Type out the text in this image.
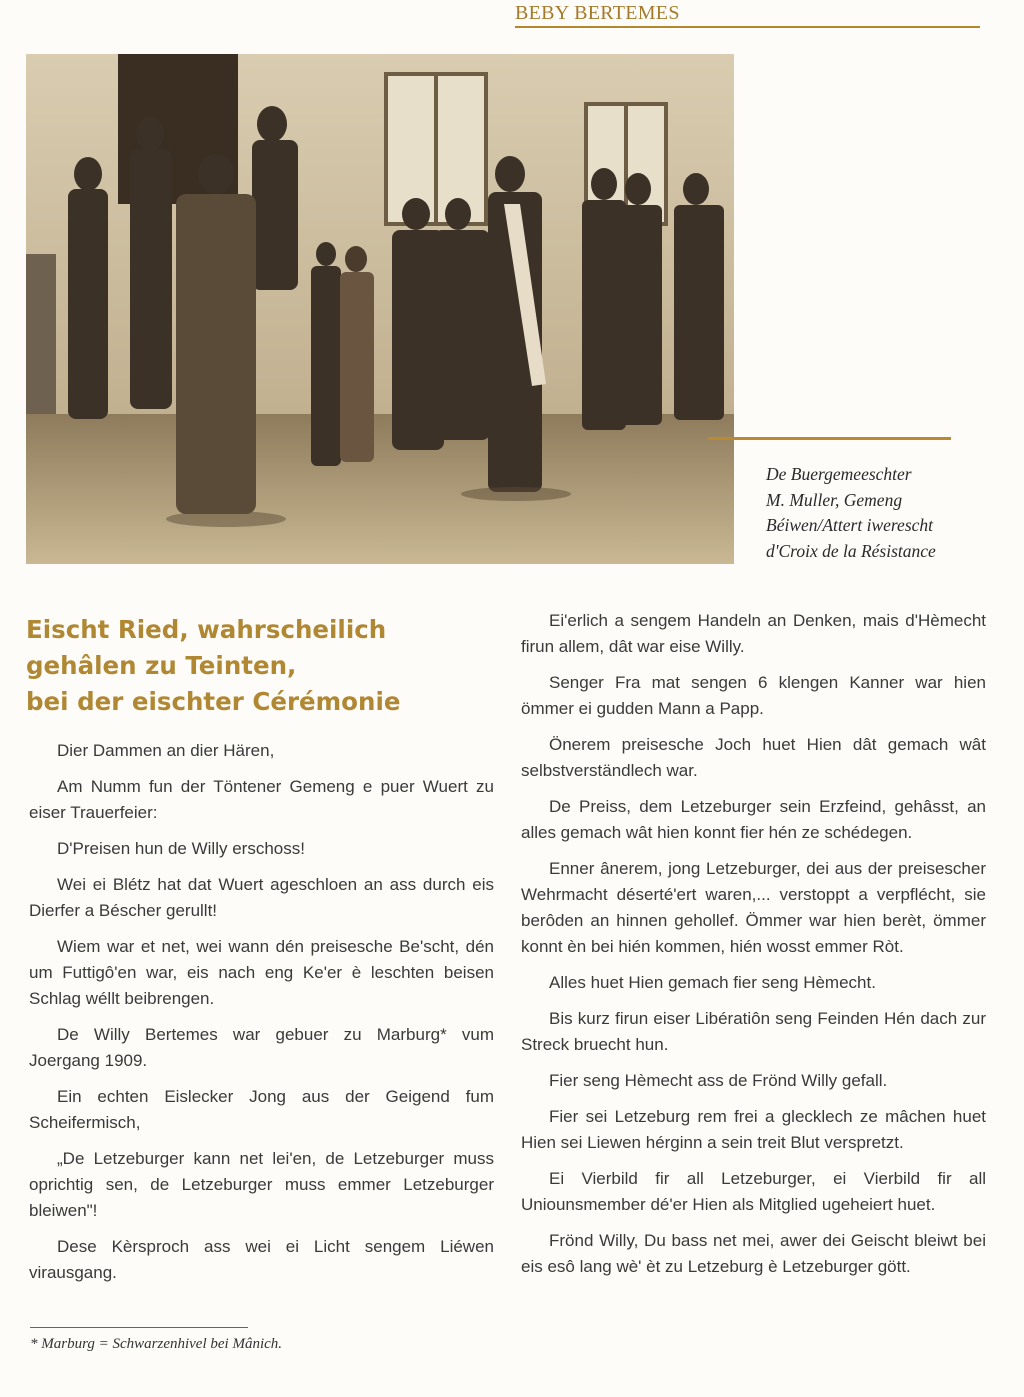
BEBY BERTEMES
De Buergemeeschter
M. Muller, Gemeng
Béiwen/Attert iwerescht
d'Croix de la Résistance
Eischt Ried, wahrscheilich
gehâlen zu Teinten,
bei der eischter Cérémonie

Dier Dammen an dier Hären,

Am Numm fun der Töntener Gemeng e puer Wuert zu eiser Trauerfeier:

D'Preisen hun de Willy erschoss!

Wei ei Blétz hat dat Wuert ageschloen an ass durch eis Dierfer a Béscher gerullt!

Wiem war et net, wei wann dén preisesche Be'scht, dén um Futtigô'en war, eis nach eng Ke'er è leschten beisen Schlag wéllt beibrengen.

De Willy Bertemes war gebuer zu Marburg* vum Joergang 1909.

Ein echten Eislecker Jong aus der Geigend fum Scheifermisch,

„De Letzeburger kann net lei'en, de Letzeburger muss oprichtig sen, de Letzeburger muss emmer Letzeburger bleiwen"!

Dese Kèrsproch ass wei ei Licht sengem Liéwen virausgang.

Ei'erlich a sengem Handeln an Denken, mais d'Hèmecht firun allem, dât war eise Willy.

Senger Fra mat sengen 6 klengen Kanner war hien ömmer ei gudden Mann a Papp.

Önerem preisesche Joch huet Hien dât gemach wât selbstverständlech war.

De Preiss, dem Letzeburger sein Erzfeind, gehâsst, an alles gemach wât hien konnt fier hén ze schédegen.

Enner ânerem, jong Letzeburger, dei aus der preisescher Wehrmacht déserté'ert waren,... verstoppt a verpflécht, sie berôden an hinnen gehollef. Ömmer war hien berèt, ömmer konnt èn bei hién kommen, hién wosst emmer Ròt.

Alles huet Hien gemach fier seng Hèmecht.

Bis kurz firun eiser Libératiôn seng Feinden Hén dach zur Streck bruecht hun.

Fier seng Hèmecht ass de Frönd Willy gefall.

Fier sei Letzeburg rem frei a glecklech ze mâchen huet Hien sei Liewen hérginn a sein treit Blut verspretzt.

Ei Vierbild fir all Letzeburger, ei Vierbild fir all Uniounsmember dé'er Hien als Mitglied ugeheiert huet.

Frönd Willy, Du bass net mei, awer dei Geischt bleiwt bei eis esô lang wè' èt zu Letzeburg è Letzeburger gött.

* Marburg = Schwarzenhivel bei Mânich.
